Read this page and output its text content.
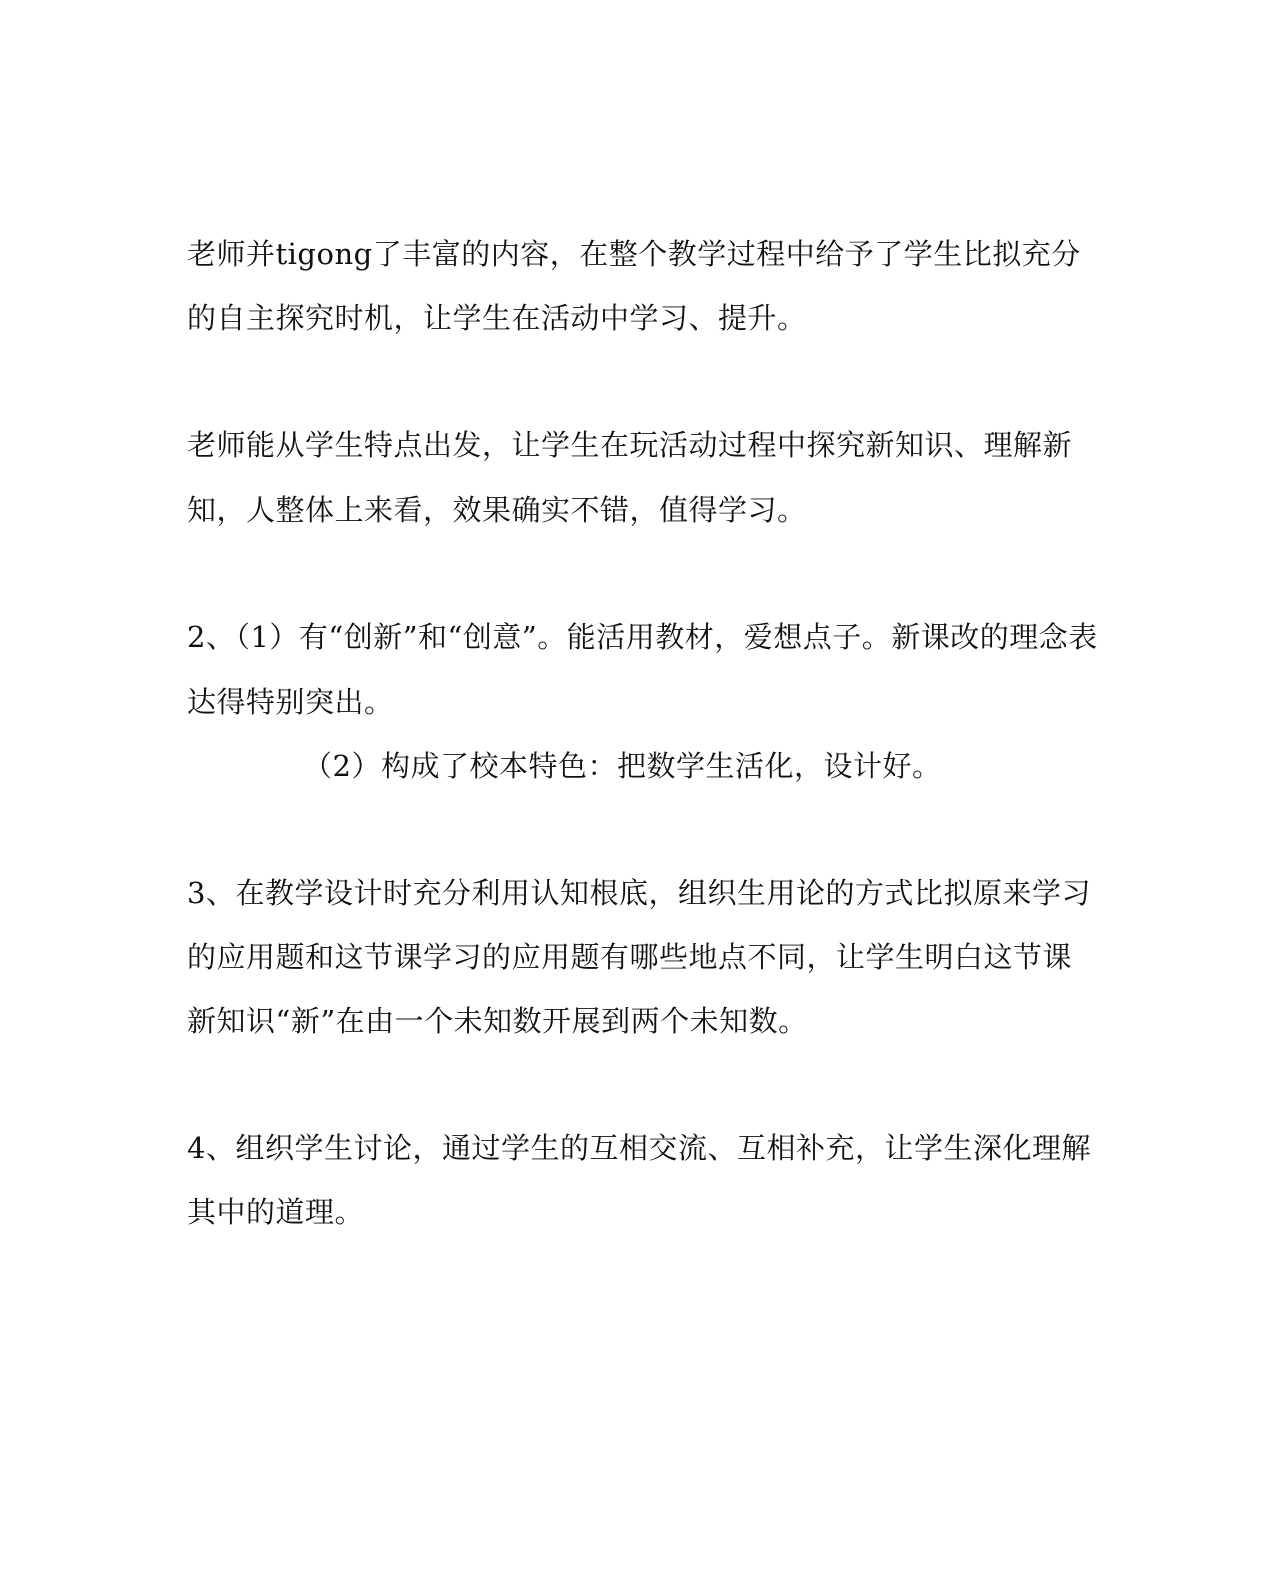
老师并tigong了丰富的内容，在整个教学过程中给予了学生比拟充分
的自主探究时机，让学生在活动中学习、提升。
老师能从学生特点出发，让学生在玩活动过程中探究新知识、理解新
知，人整体上来看，效果确实不错，值得学习。
2、（1）有“创新”和“创意”。能活用教材，爱想点子。新课改的理念表
达得特别突出。
（2）构成了校本特色：把数学生活化，设计好。
3、在教学设计时充分利用认知根底，组织生用论的方式比拟原来学习
的应用题和这节课学习的应用题有哪些地点不同，让学生明白这节课
新知识“新”在由一个未知数开展到两个未知数。
4、组织学生讨论，通过学生的互相交流、互相补充，让学生深化理解
其中的道理。
